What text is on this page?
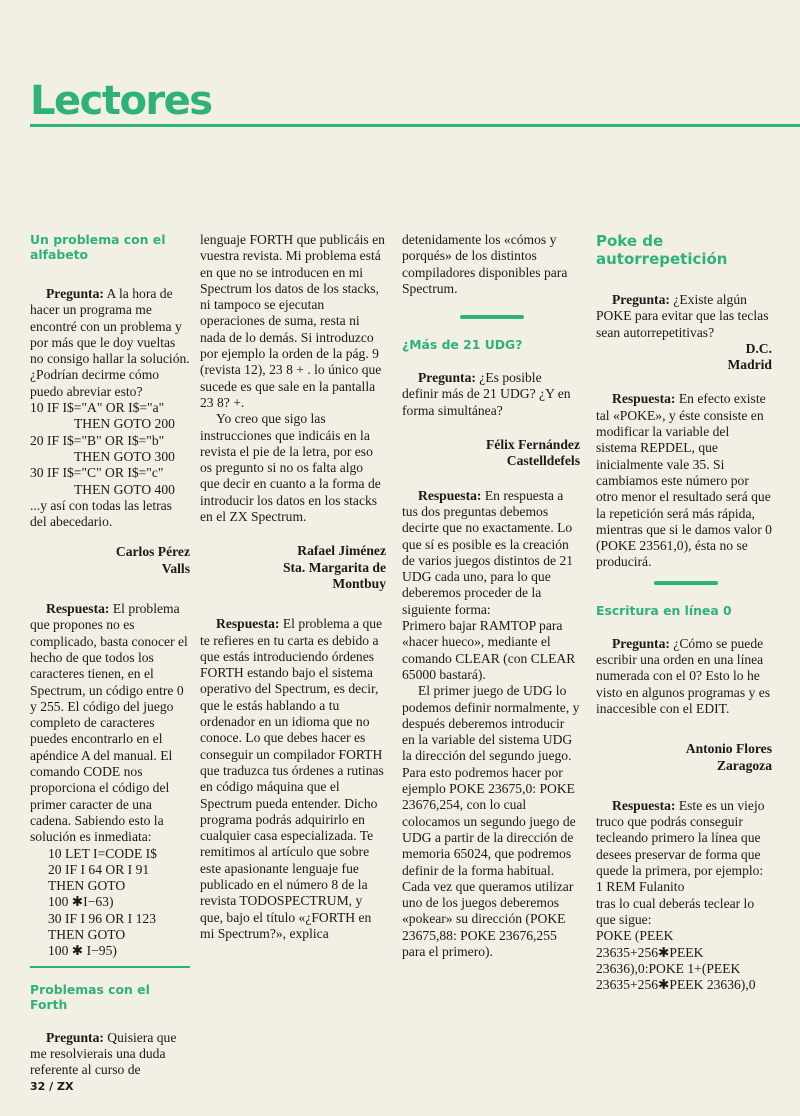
Lectores

Un problema con el alfabeto

Pregunta: A la hora de hacer un programa me encontré con un problema y por más que le doy vueltas no consigo hallar la solución. ¿Podrían decirme cómo puedo abreviar esto?

10 IF I$="A" OR I$="a"

THEN GOTO 200

20 IF I$="B" OR I$="b"

THEN GOTO 300

30 IF I$="C" OR I$="c"

THEN GOTO 400

...y así con todas las letras del abecedario.

Carlos Pérez

Valls

Respuesta: El problema que propones no es complicado, basta conocer el hecho de que todos los caracteres tienen, en el Spectrum, un código entre 0 y 255. El código del juego completo de caracteres puedes encontrarlo en el apéndice A del manual. El comando CODE nos proporciona el código del primer caracter de una cadena. Sabiendo esto la solución es inmediata:

10 LET I=CODE I$

20 IF I 64 OR I 91

THEN GOTO

100 ✱I−63)

30 IF I 96 OR I 123

THEN GOTO

100 ✱ I−95)

Problemas con el Forth

Pregunta: Quisiera que me resolvierais una duda referente al curso de

lenguaje FORTH que publicáis en vuestra revista. Mi problema está en que no se introducen en mi Spectrum los datos de los stacks, ni tampoco se ejecutan operaciones de suma, resta ni nada de lo demás. Si introduzco por ejemplo la orden de la pág. 9 (revista 12), 23 8 + . lo único que sucede es que sale en la pantalla 23 8? +.

Yo creo que sigo las instrucciones que indicáis en la revista el pie de la letra, por eso os pregunto si no os falta algo que decir en cuanto a la forma de introducir los datos en los stacks en el ZX Spectrum.

Rafael Jiménez

Sta. Margarita de

Montbuy

Respuesta: El problema a que te refieres en tu carta es debido a que estás introduciendo órdenes FORTH estando bajo el sistema operativo del Spectrum, es decir, que le estás hablando a tu ordenador en un idioma que no conoce. Lo que debes hacer es conseguir un compilador FORTH que traduzca tus órdenes a rutinas en código máquina que el Spectrum pueda entender. Dicho programa podrás adquirirlo en cualquier casa especializada. Te remitimos al artículo que sobre este apasionante lenguaje fue publicado en el número 8 de la revista TODOSPECTRUM, y que, bajo el título «¿FORTH en mi Spectrum?», explica

detenidamente los «cómos y porqués» de los distintos compiladores disponibles para Spectrum.

¿Más de 21 UDG?

Pregunta: ¿Es posible definir más de 21 UDG? ¿Y en forma simultánea?

Félix Fernández

Castelldefels

Respuesta: En respuesta a tus dos preguntas debemos decirte que no exactamente. Lo que sí es posible es la creación de varios juegos distintos de 21 UDG cada uno, para lo que deberemos proceder de la siguiente forma:

Primero bajar RAMTOP para «hacer hueco», mediante el comando CLEAR (con CLEAR 65000 bastará).

El primer juego de UDG lo podemos definir normalmente, y después deberemos introducir en la variable del sistema UDG la dirección del segundo juego. Para esto podremos hacer por ejemplo POKE 23675,0: POKE 23676,254, con lo cual colocamos un segundo juego de UDG a partir de la dirección de memoria 65024, que podremos definir de la forma habitual. Cada vez que queramos utilizar uno de los juegos deberemos «pokear» su dirección (POKE 23675,88: POKE 23676,255 para el primero).

Poke de autorrepetición

Pregunta: ¿Existe algún POKE para evitar que las teclas sean autorrepetitivas?

D.C.

Madrid

Respuesta: En efecto existe tal «POKE», y éste consiste en modificar la variable del sistema REPDEL, que inicialmente vale 35. Si cambiamos este número por otro menor el resultado será que la repetición será más rápida, mientras que si le damos valor 0 (POKE 23561,0), ésta no se producirá.

Escritura en línea 0

Pregunta: ¿Cómo se puede escribir una orden en una línea numerada con el 0? Esto lo he visto en algunos programas y es inaccesible con el EDIT.

Antonio Flores

Zaragoza

Respuesta: Este es un viejo truco que podrás conseguir tecleando primero la línea que desees preservar de forma que quede la primera, por ejemplo:

1 REM Fulanito

tras lo cual deberás teclear lo que sigue:

POKE (PEEK 23635+256✱PEEK 23636),0:POKE 1+(PEEK 23635+256✱PEEK 23636),0

32 / ZX
